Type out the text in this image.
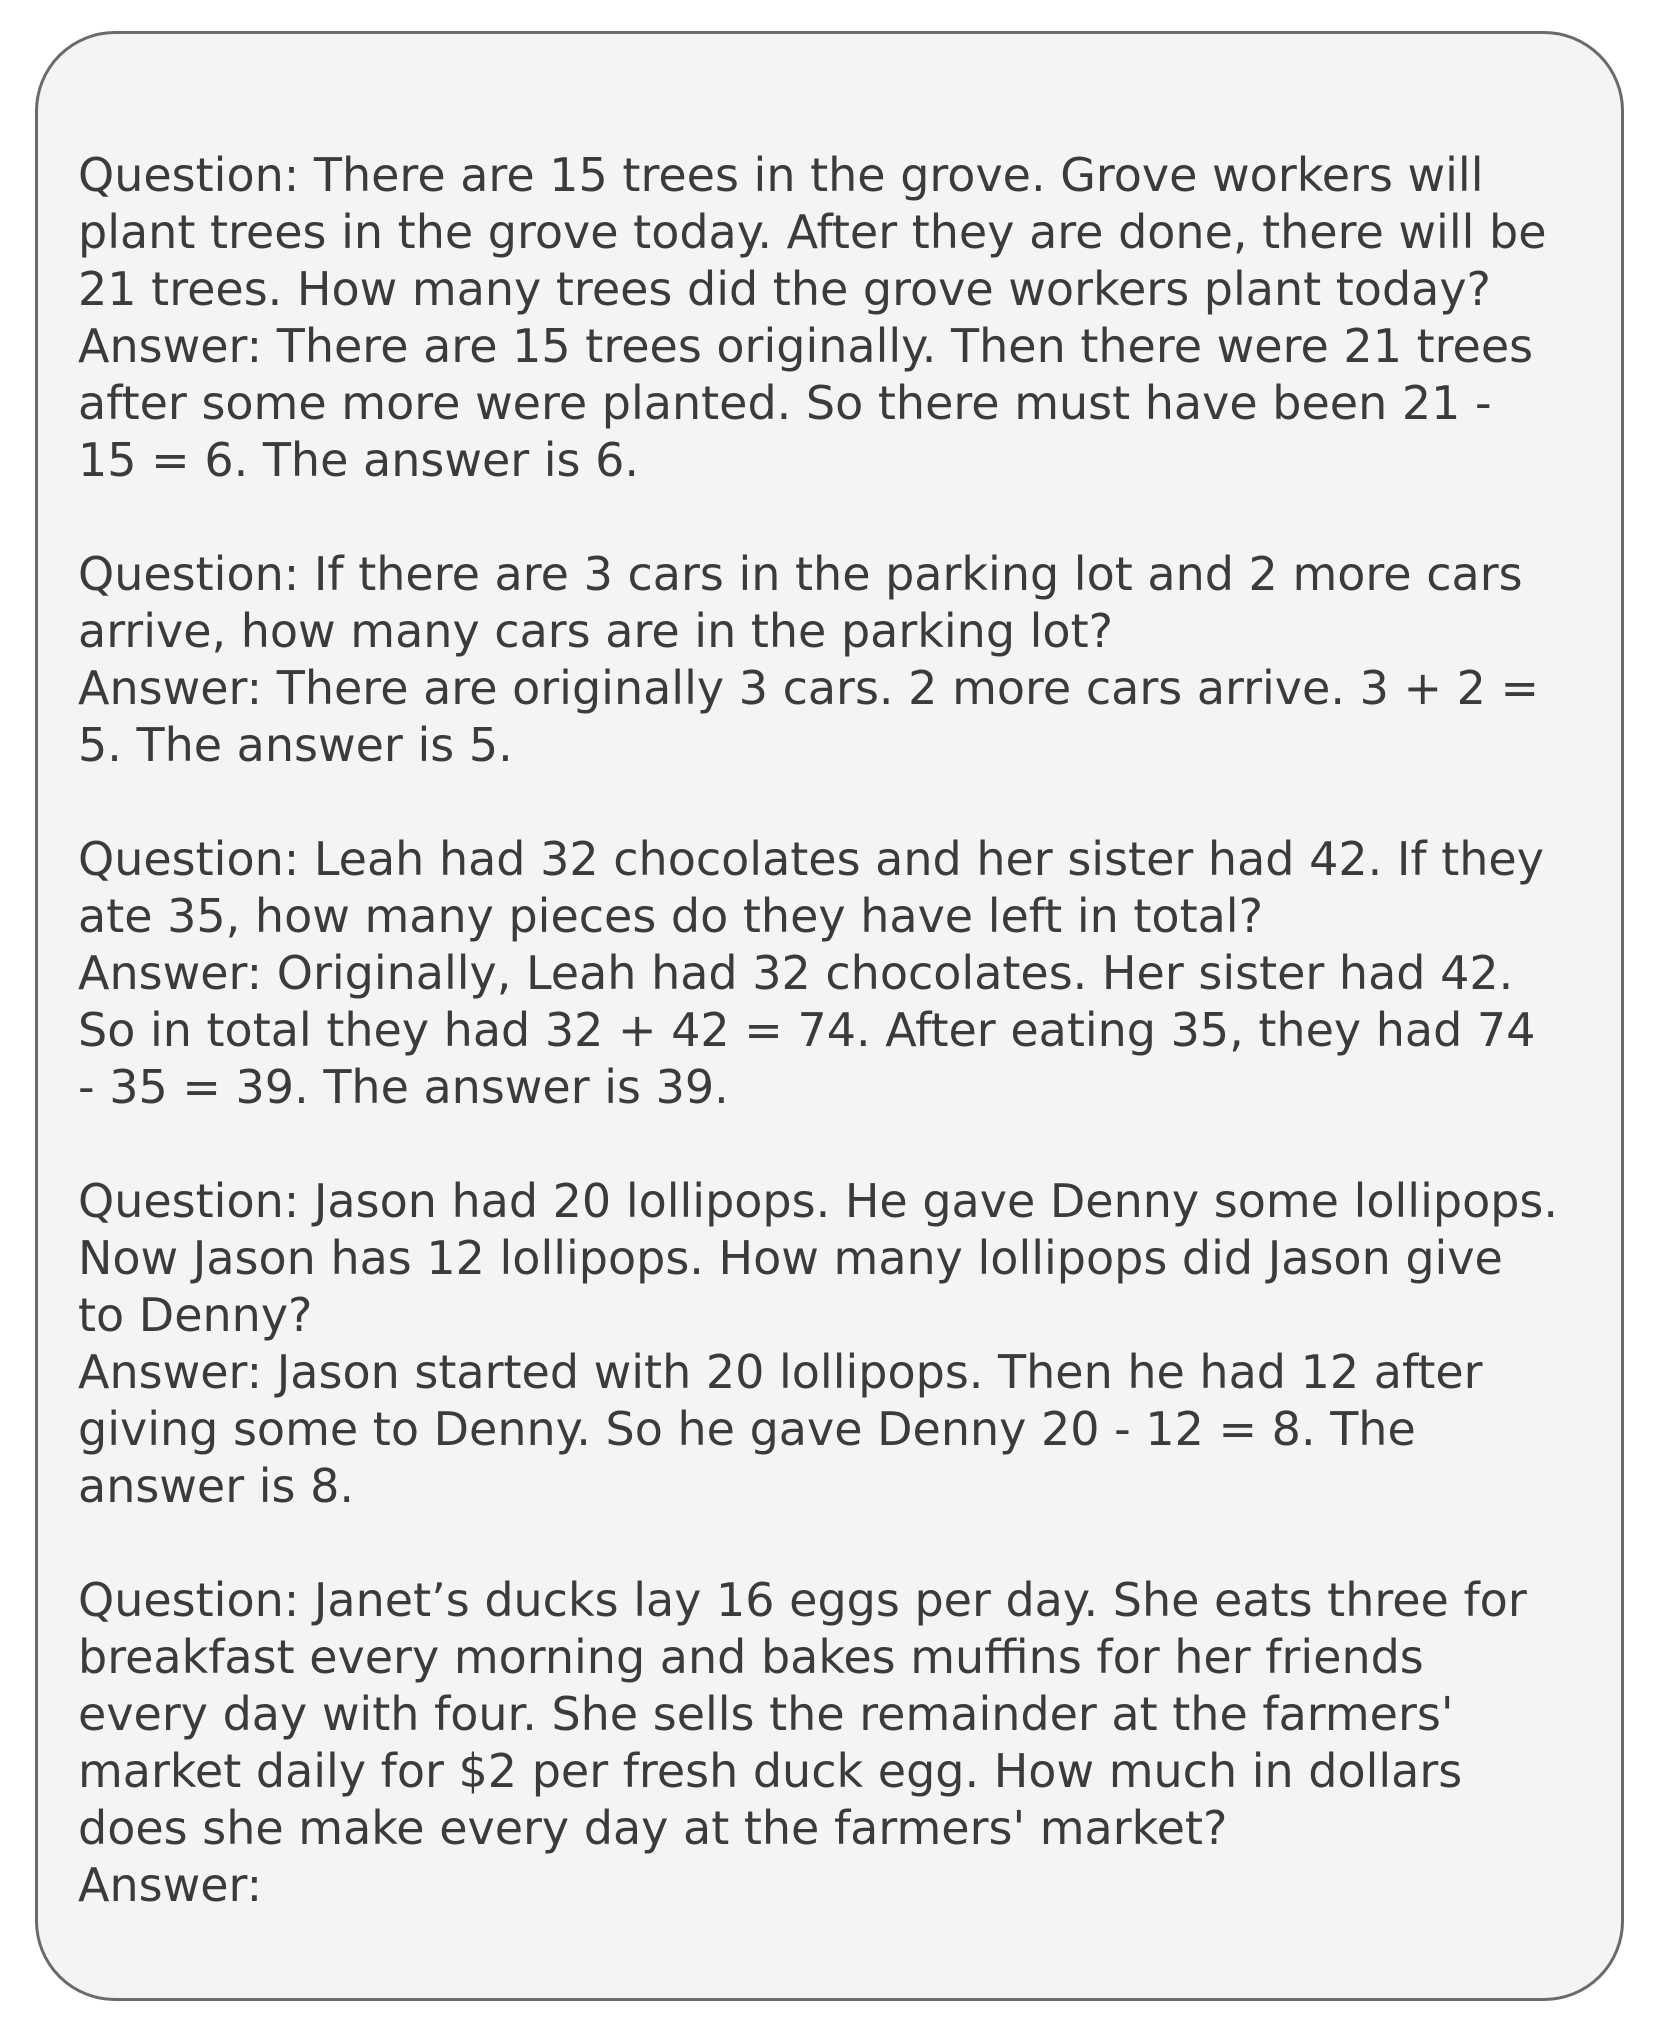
Question: There are 15 trees in the grove. Grove workers will
plant trees in the grove today. After they are done, there will be
21 trees. How many trees did the grove workers plant today?
Answer: There are 15 trees originally. Then there were 21 trees
after some more were planted. So there must have been 21 -
15 = 6. The answer is 6.
Question: If there are 3 cars in the parking lot and 2 more cars
arrive, how many cars are in the parking lot?
Answer: There are originally 3 cars. 2 more cars arrive. 3 + 2 =
5. The answer is 5.
Question: Leah had 32 chocolates and her sister had 42. If they
ate 35, how many pieces do they have left in total?
Answer: Originally, Leah had 32 chocolates. Her sister had 42.
So in total they had 32 + 42 = 74. After eating 35, they had 74
- 35 = 39. The answer is 39.
Question: Jason had 20 lollipops. He gave Denny some lollipops.
Now Jason has 12 lollipops. How many lollipops did Jason give
to Denny?
Answer: Jason started with 20 lollipops. Then he had 12 after
giving some to Denny. So he gave Denny 20 - 12 = 8. The
answer is 8.
Question: Janet’s ducks lay 16 eggs per day. She eats three for
breakfast every morning and bakes muffins for her friends
every day with four. She sells the remainder at the farmers'
market daily for $2 per fresh duck egg. How much in dollars
does she make every day at the farmers' market?
Answer:
